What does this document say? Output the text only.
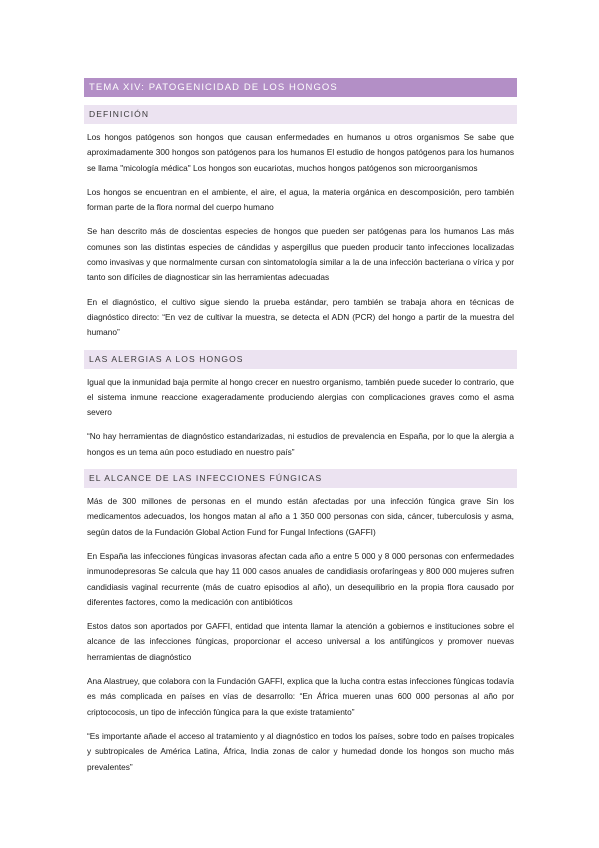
TEMA XIV: PATOGENICIDAD DE LOS HONGOS
DEFINICIÓN

Los hongos patógenos son hongos que causan enfermedades en humanos u otros organismos Se sabe que aproximadamente 300 hongos son patógenos para los humanos El estudio de hongos patógenos para los humanos se llama "micología médica" Los hongos son eucariotas, muchos hongos patógenos son microorganismos

Los hongos se encuentran en el ambiente, el aire, el agua, la materia orgánica en descomposición, pero también forman parte de la flora normal del cuerpo humano

Se han descrito más de doscientas especies de hongos que pueden ser patógenas para los humanos Las más comunes son las distintas especies de cándidas y aspergillus que pueden producir tanto infecciones localizadas como invasivas y que normalmente cursan con sintomatología similar a la de una infección bacteriana o vírica y por tanto son difíciles de diagnosticar sin las herramientas adecuadas

En el diagnóstico, el cultivo sigue siendo la prueba estándar, pero también se trabaja ahora en técnicas de diagnóstico directo: “En vez de cultivar la muestra, se detecta el ADN (PCR) del hongo a partir de la muestra del humano”

LAS ALERGIAS A LOS HONGOS

Igual que la inmunidad baja permite al hongo crecer en nuestro organismo, también puede suceder lo contrario, que el sistema inmune reaccione exageradamente produciendo alergias con complicaciones graves como el asma severo

“No hay herramientas de diagnóstico estandarizadas, ni estudios de prevalencia en España, por lo que la alergia a hongos es un tema aún poco estudiado en nuestro país”

EL ALCANCE DE LAS INFECCIONES FÚNGICAS

Más de 300 millones de personas en el mundo están afectadas por una infección fúngica grave Sin los medicamentos adecuados, los hongos matan al año a 1 350 000 personas con sida, cáncer, tuberculosis y asma, según datos de la Fundación Global Action Fund for Fungal Infections (GAFFI)

En España las infecciones fúngicas invasoras afectan cada año a entre 5 000 y 8 000 personas con enfermedades inmunodepresoras Se calcula que hay 11 000 casos anuales de candidiasis orofaríngeas y 800 000 mujeres sufren candidiasis vaginal recurrente (más de cuatro episodios al año), un desequilibrio en la propia flora causado por diferentes factores, como la medicación con antibióticos

Estos datos son aportados por GAFFI, entidad que intenta llamar la atención a gobiernos e instituciones sobre el alcance de las infecciones fúngicas, proporcionar el acceso universal a los antifúngicos y promover nuevas herramientas de diagnóstico

Ana Alastruey, que colabora con la Fundación GAFFI, explica que la lucha contra estas infecciones fúngicas todavía es más complicada en países en vías de desarrollo: “En África mueren unas 600 000 personas al año por criptococosis, un tipo de infección fúngica para la que existe tratamiento”

“Es importante añade el acceso al tratamiento y al diagnóstico en todos los países, sobre todo en países tropicales y subtropicales de América Latina, África, India zonas de calor y humedad donde los hongos son mucho más prevalentes”
